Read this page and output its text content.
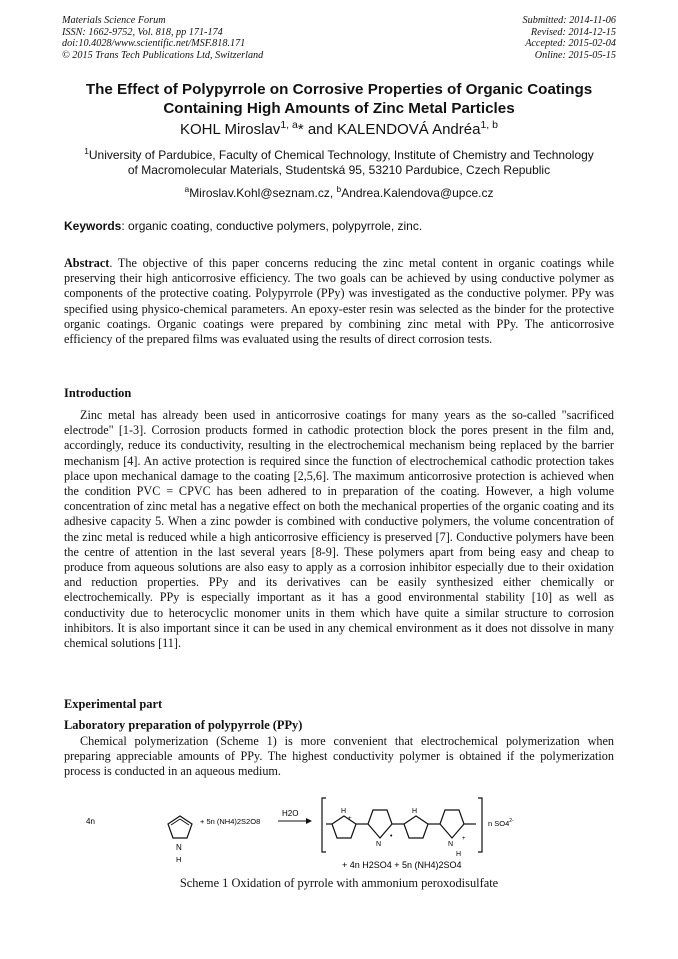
Materials Science Forum
ISSN: 1662-9752, Vol. 818, pp 171-174
doi:10.4028/www.scientific.net/MSF.818.171
© 2015 Trans Tech Publications Ltd, Switzerland
Submitted: 2014-11-06
Revised: 2014-12-15
Accepted: 2015-02-04
Online: 2015-05-15
The Effect of Polypyrrole on Corrosive Properties of Organic Coatings
Containing High Amounts of Zinc Metal Particles
KOHL Miroslav$^{1, a}$* and KALENDOVÁ Andréa$^{1, b}$
$^1$University of Pardubice, Faculty of Chemical Technology, Institute of Chemistry and Technology
of Macromolecular Materials, Studentská 95, 53210 Pardubice, Czech Republic
$^a$Miroslav.Kohl@seznam.cz, $^b$Andrea.Kalendova@upce.cz
Keywords: organic coating, conductive polymers, polypyrrole, zinc.
Abstract. The objective of this paper concerns reducing the zinc metal content in organic coatings while preserving their high anticorrosive efficiency. The two goals can be achieved by using conductive polymer as components of the protective coating. Polypyrrole (PPy) was investigated as the conductive polymer. PPy was specified using physico-chemical parameters. An epoxy-ester resin was selected as the binder for the protective organic coatings. Organic coatings were prepared by combining zinc metal with PPy. The anticorrosive efficiency of the prepared films was evaluated using the results of direct corrosion tests.
Introduction
Zinc metal has already been used in anticorrosive coatings for many years as the so-called "sacrificed electrode" [1-3]. Corrosion products formed in cathodic protection block the pores present in the film and, accordingly, reduce its conductivity, resulting in the electrochemical mechanism being replaced by the barrier mechanism [4]. An active protection is required since the function of electrochemical cathodic protection takes place upon mechanical damage to the coating [2,5,6]. The maximum anticorrosive protection is achieved when the condition PVC = CPVC has been adhered to in preparation of the coating. However, a high volume concentration of zinc metal has a negative effect on both the mechanical properties of the organic coating and its adhesive capacity 5. When a zinc powder is combined with conductive polymers, the volume concentration of the zinc metal is reduced while a high anticorrosive efficiency is preserved [7]. Conductive polymers have been the centre of attention in the last several years [8-9]. These polymers apart from being easy and cheap to produce from aqueous solutions are also easy to apply as a corrosion inhibitor especially due to their oxidation and reduction properties. PPy and its derivatives can be easily synthesized either chemically or electrochemically. PPy is especially important as it has a good environmental stability [10] as well as conductivity due to heterocyclic monomer units in them which have quite a similar structure to corrosion inhibitors. It is also important since it can be used in any chemical environment as it does not dissolve in many chemical solutions [11].
Experimental part
Laboratory preparation of polypyrrole (PPy)
Chemical polymerization (Scheme 1) is more convenient that electrochemical polymerization when preparing appreciable amounts of PPy. The highest conductivity polymer is obtained if the polymerization process is conducted in an aqueous medium.
Scheme 1 Oxidation of pyrrole with ammonium peroxodisulfate
4n
N
H
+ 5n (NH4)2S2O8
H2O	H
+
N
•
H
N
H
+
n $SO4^{2-}$
+ 4n H2SO4 + 5n (NH4)2SO4
